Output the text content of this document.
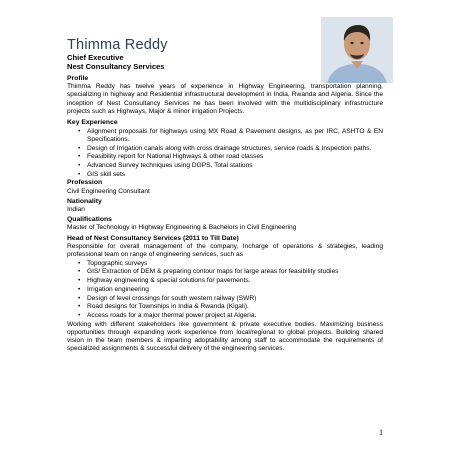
Thimma Reddy
Chief Executive
Nest Consultancy Services
Profile

Thimma Reddy has twelve years of experience in Highway Engineering, transportation planning, specializing in highway and Residential infrastructural development in India, Rwanda and Algeria. Since the inception of Nest Consultancy Services he has been involved with the multidisciplinary infrastructure projects such as Highways, Major & minor irrigation Projects.

Key Experience
• Alignment proposals for highways using MX Road & Pavement designs, as per IRC, ASHTO & EN Specifications.
• Design of Irrigation canals along with cross drainage structures, service roads & Inspection paths.
• Feasibility report for National Highways & other road classes
• Advanced Survey techniques using DGPS, Total stations
• GIS skill sets
Profession

Civil Engineering Consultant

Nationality

Indian

Qualifications

Master of Technology in Highway Engineering & Bachelors in Civil Engineering

Head of Nest Consultancy Services (2011 to Till Date)

Responsible for overall management of the company, Incharge of operations & strategies, leading professional team on range of engineering services, such as

• Topographic surveys
• GIS/ Extraction of DEM & preparing contour maps for large areas for feasibility studies
• Highway engineering & special solutions for pavements.
• Irrigation engineering
• Design of level crossings for south western railway (SWR)
• Road designs for Townships in India & Rwanda (Kigali).
• Access roads for a major thermal power project at Algeria.

Working with different stakeholders like government & private executive bodies. Maximizing business opportunities through expanding work experience from local/regional to global projects. Building shared vision in the team members & imparting adoptability among staff to accommodate the requirements of specialized assignments & successful delivery of the engineering services.

1
